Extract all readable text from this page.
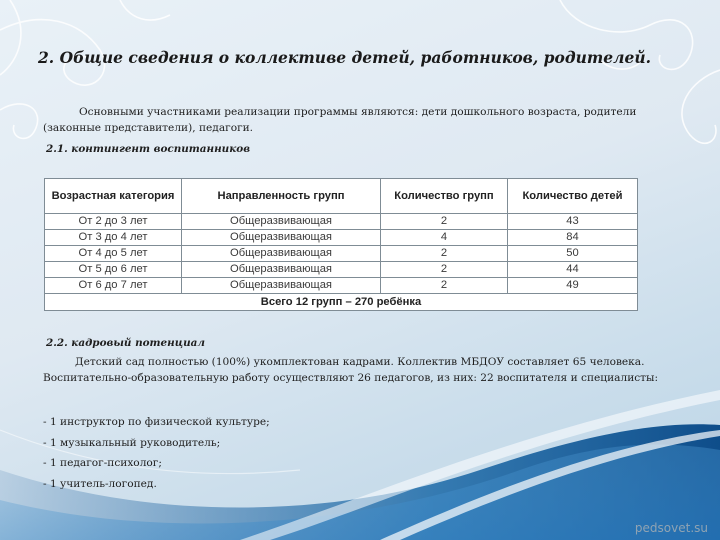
2. Общие сведения о коллективе детей, работников, родителей.

Основными участниками реализации программы являются: дети дошкольного возраста, родители (законные представители), педагоги.

2.1. контингент воспитанников

Возрастная категория	Направленность групп	Количество групп	Количество детей
От 2 до 3 лет	Общеразвивающая	2	43
От 3 до 4 лет	Общеразвивающая	4	84
От 4 до 5 лет	Общеразвивающая	2	50
От 5 до 6 лет	Общеразвивающая	2	44
От 6 до 7 лет	Общеразвивающая	2	49
Всего 12 групп – 270 ребёнка			

2.2. кадровый потенциал

Детский сад полностью (100%) укомплектован кадрами. Коллектив МБДОУ составляет 65 человека.
Воспитательно-образовательную работу осуществляют 26 педагогов, из них: 22 воспитателя и специалисты:

- 1 инструктор по физической культуре;
- 1 музыкальный руководитель;
- 1 педагог-психолог;
- 1 учитель-логопед.
pedsovet.su
